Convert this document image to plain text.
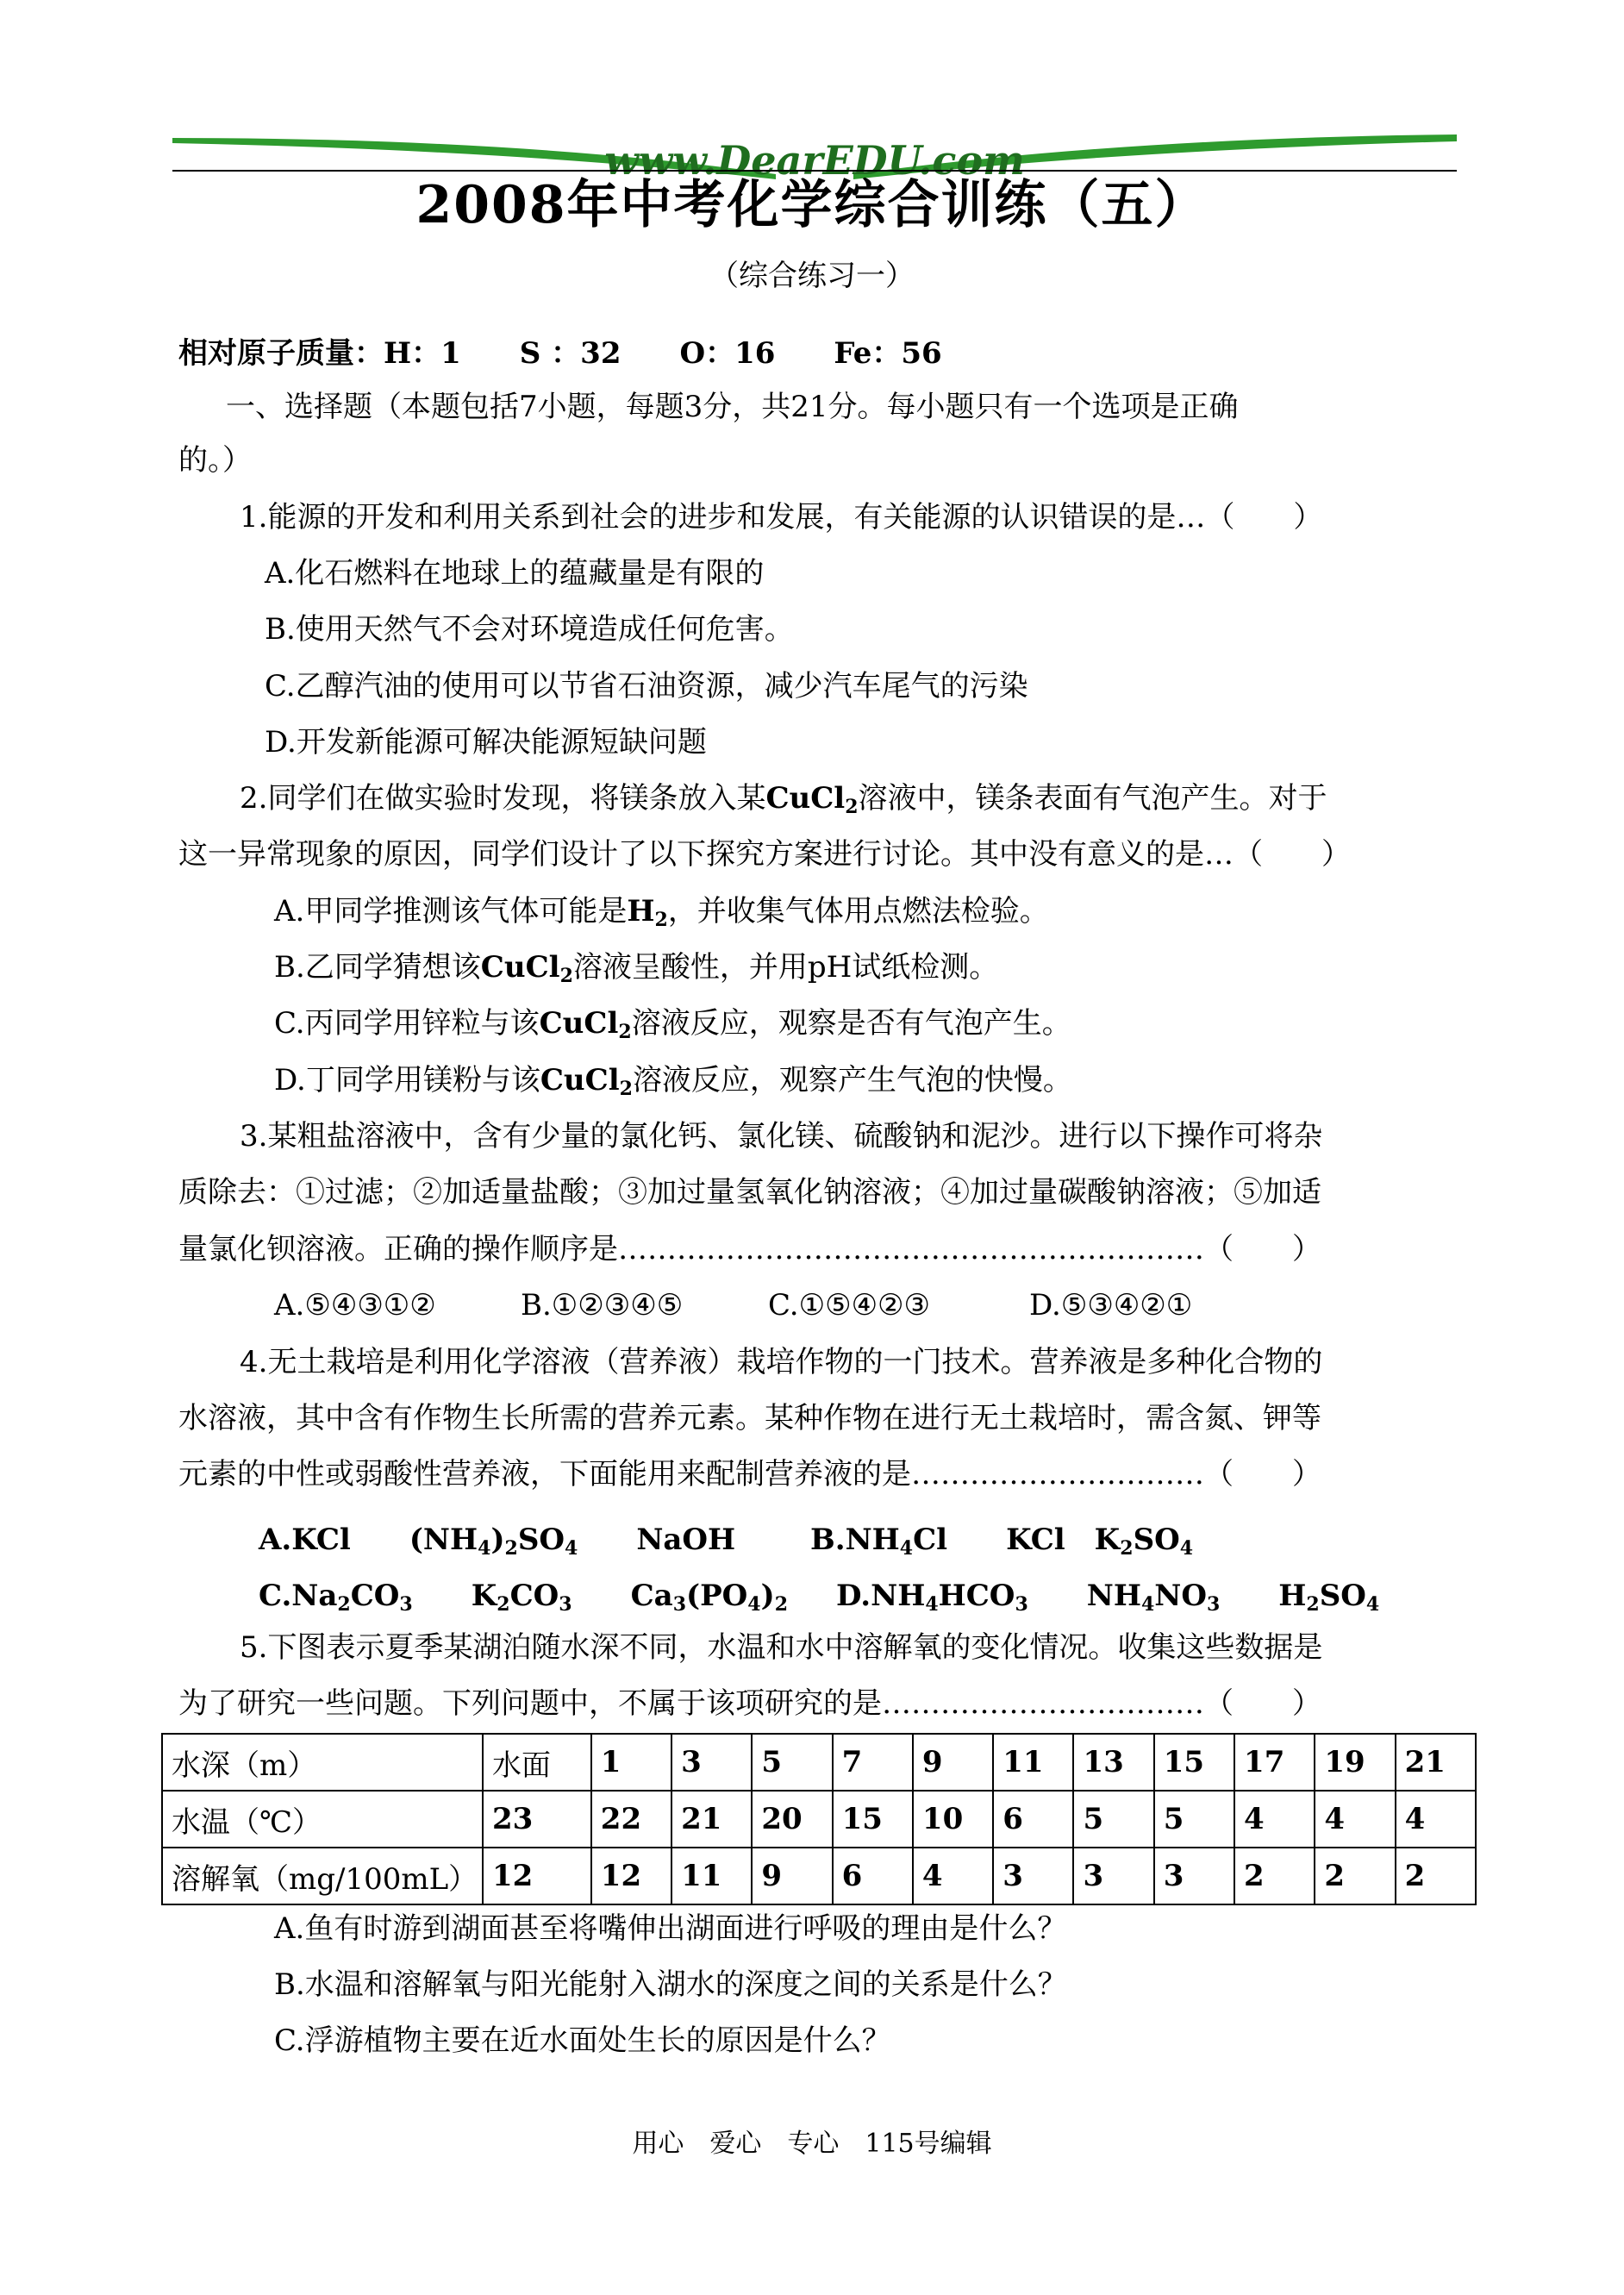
www.DearEDU.com
2008年中考化学综合训练（五）
（综合练习一）
相对原子质量：H：1　　S ：32　　O：16　　Fe：56
一、选择题（本题包括7小题，每题3分，共21分。每小题只有一个选项是正确
的。）
1.能源的开发和利用关系到社会的进步和发展，有关能源的认识错误的是…（　　）
A.化石燃料在地球上的蕴藏量是有限的
B.使用天然气不会对环境造成任何危害。
C.乙醇汽油的使用可以节省石油资源，减少汽车尾气的污染
D.开发新能源可解决能源短缺问题
2.同学们在做实验时发现，将镁条放入某CuCl$_2$溶液中，镁条表面有气泡产生。对于
这一异常现象的原因，同学们设计了以下探究方案进行讨论。其中没有意义的是…（　　）
A.甲同学推测该气体可能是$H_2$，并收集气体用点燃法检验。
B.乙同学猜想该CuCl$_2$溶液呈酸性，并用pH试纸检测。
C.丙同学用锌粒与该CuCl$_2$溶液反应，观察是否有气泡产生。
D.丁同学用镁粉与该CuCl$_2$溶液反应，观察产生气泡的快慢。
3.某粗盐溶液中，含有少量的氯化钙、氯化镁、硫酸钠和泥沙。进行以下操作可将杂
质除去：①过滤；②加适量盐酸；③加过量氢氧化钠溶液；④加过量碳酸钠溶液；⑤加适
量氯化钡溶液。正确的操作顺序是……………………………………………………（　　）
A.⑤④③①②	B.①②③④⑤	C.①⑤④②③	D.⑤③④②①
4.无土栽培是利用化学溶液（营养液）栽培作物的一门技术。营养液是多种化合物的
水溶液，其中含有作物生长所需的营养元素。某种作物在进行无土栽培时，需含氮、钾等
元素的中性或弱酸性营养液，下面能用来配制营养液的是…………………………（　　）
A.KCl　　$(NH_4)_2SO_4$　　NaOH	$B.NH_4Cl$　　KCl　$K_2SO_4$
$C.Na_2CO_3$　　$K_2CO_3$　　$Ca_3(PO_4)_2$ $D.NH_4HCO_3$　　$NH_4NO_3$　　$H_2SO_4$
5.下图表示夏季某湖泊随水深不同，水温和水中溶解氧的变化情况。收集这些数据是
为了研究一些问题。下列问题中，不属于该项研究的是……………………………（　　）
水深（m）	水面	1	3	5	7	9	11	13	15	17	19	21
水温（℃）	23	22	21	20	15	10	6	5	5	4	4	4
溶解氧（mg/100mL）	12	12	11	9	6	4	3	3	3	2	2	2
A.鱼有时游到湖面甚至将嘴伸出湖面进行呼吸的理由是什么？
B.水温和溶解氧与阳光能射入湖水的深度之间的关系是什么？
C.浮游植物主要在近水面处生长的原因是什么？
用心　爱心　专心　115号编辑
